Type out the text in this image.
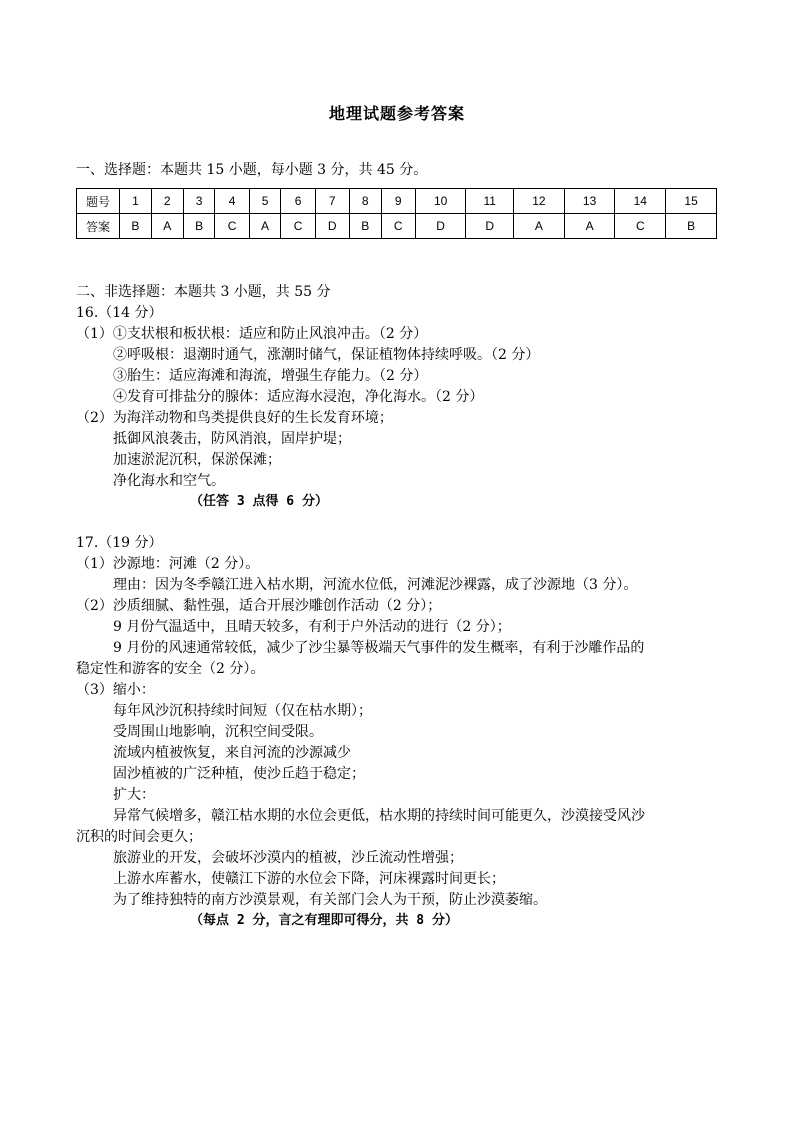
地理试题参考答案
一、选择题：本题共 15 小题，每小题 3 分，共 45 分。
题号	1	2	3	4	5	6	7	8	9	10	11	12	13	14	15
答案	B	A	B	C	A	C	D	B	C	D	D	A	A	C	B
二、非选择题：本题共 3 小题，共 55 分
16.（14 分）
（1）①支状根和板状根：适应和防止风浪冲击。（2 分）
②呼吸根：退潮时通气，涨潮时储气，保证植物体持续呼吸。（2 分）
③胎生：适应海滩和海流，增强生存能力。（2 分）
④发育可排盐分的腺体：适应海水浸泡，净化海水。（2 分）
（2）为海洋动物和鸟类提供良好的生长发育环境；
抵御风浪袭击，防风消浪，固岸护堤；
加速淤泥沉积，保淤保滩；
净化海水和空气。
（任答 3 点得 6 分）
17.（19 分）
（1）沙源地：河滩（2 分）。
理由：因为冬季赣江进入枯水期，河流水位低，河滩泥沙裸露，成了沙源地（3 分）。
（2）沙质细腻、黏性强，适合开展沙雕创作活动（2 分）；
9 月份气温适中，且晴天较多，有利于户外活动的进行（2 分）；
9 月份的风速通常较低，减少了沙尘暴等极端天气事件的发生概率，有利于沙雕作品的
稳定性和游客的安全（2 分）。
（3）缩小：
每年风沙沉积持续时间短（仅在枯水期）；
受周围山地影响，沉积空间受限。
流域内植被恢复，来自河流的沙源减少
固沙植被的广泛种植，使沙丘趋于稳定；
扩大：
异常气候增多，赣江枯水期的水位会更低，枯水期的持续时间可能更久，沙漠接受风沙
沉积的时间会更久；
旅游业的开发，会破坏沙漠内的植被，沙丘流动性增强；
上游水库蓄水，使赣江下游的水位会下降，河床裸露时间更长；
为了维持独特的南方沙漠景观，有关部门会人为干预，防止沙漠萎缩。
（每点 2 分，言之有理即可得分，共 8 分）
